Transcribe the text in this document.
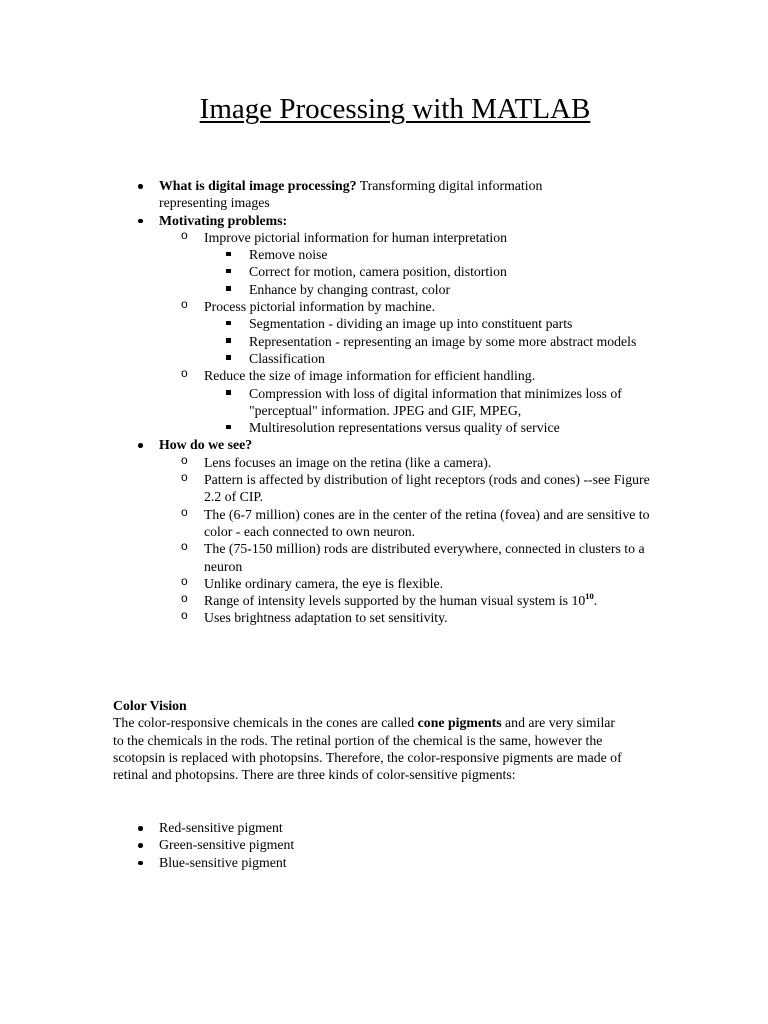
Image Processing with MATLAB
What is digital image processing? Transforming digital information representing images
Motivating problems:
o Improve pictorial information for human interpretation
Remove noise
Correct for motion, camera position, distortion
Enhance by changing contrast, color
o Process pictorial information by machine.
Segmentation - dividing an image up into constituent parts
Representation - representing an image by some more abstract models
Classification
o Reduce the size of image information for efficient handling.
Compression with loss of digital information that minimizes loss of "perceptual" information. JPEG and GIF, MPEG,
Multiresolution representations versus quality of service
How do we see?
o Lens focuses an image on the retina (like a camera).
o Pattern is affected by distribution of light receptors (rods and cones) --see Figure 2.2 of CIP.
o The (6-7 million) cones are in the center of the retina (fovea) and are sensitive to color - each connected to own neuron.
o The (75-150 million) rods are distributed everywhere, connected in clusters to a neuron
o Unlike ordinary camera, the eye is flexible.
o Range of intensity levels supported by the human visual system is $10^{10}$.
o Uses brightness adaptation to set sensitivity.

Color Vision

The color-responsive chemicals in the cones are called cone pigments and are very similar to the chemicals in the rods. The retinal portion of the chemical is the same, however the scotopsin is replaced with photopsins. Therefore, the color-responsive pigments are made of retinal and photopsins. There are three kinds of color-sensitive pigments:

Red-sensitive pigment
Green-sensitive pigment
Blue-sensitive pigment
